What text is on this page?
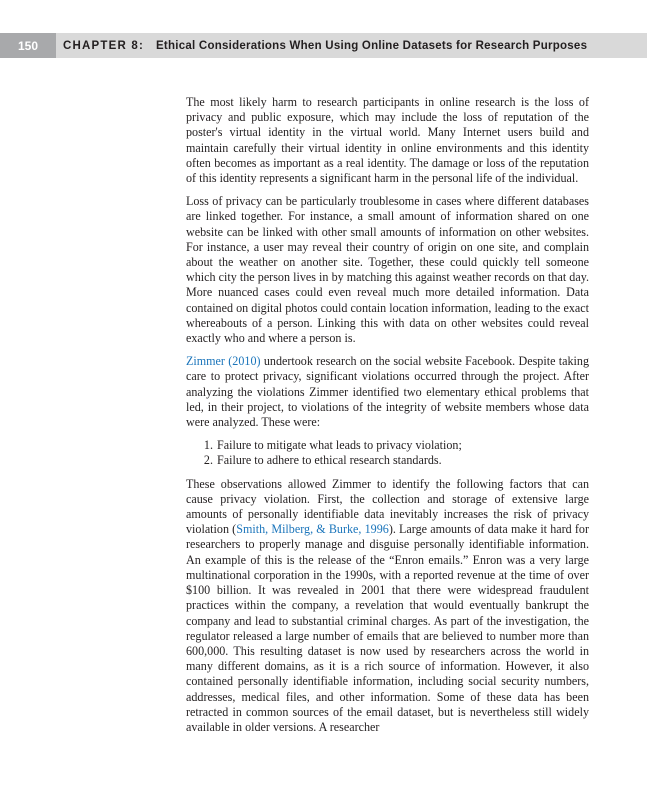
150	CHAPTER 8: Ethical Considerations When Using Online Datasets for Research Purposes

The most likely harm to research participants in online research is the loss of privacy and public exposure, which may include the loss of reputation of the poster's virtual identity in the virtual world. Many Internet users build and maintain carefully their virtual identity in online environments and this identity often becomes as important as a real identity. The damage or loss of the reputation of this identity represents a significant harm in the personal life of the individual.

Loss of privacy can be particularly troublesome in cases where different databases are linked together. For instance, a small amount of information shared on one website can be linked with other small amounts of information on other websites. For instance, a user may reveal their country of origin on one site, and complain about the weather on another site. Together, these could quickly tell someone which city the person lives in by matching this against weather records on that day. More nuanced cases could even reveal much more detailed information. Data contained on digital photos could contain location information, leading to the exact whereabouts of a person. Linking this with data on other websites could reveal exactly who and where a person is.

Zimmer (2010) undertook research on the social website Facebook. Despite taking care to protect privacy, significant violations occurred through the project. After analyzing the violations Zimmer identified two elementary ethical problems that led, in their project, to violations of the integrity of website members whose data were analyzed. These were:

1. Failure to mitigate what leads to privacy violation;
2. Failure to adhere to ethical research standards.

These observations allowed Zimmer to identify the following factors that can cause privacy violation. First, the collection and storage of extensive large amounts of personally identifiable data inevitably increases the risk of privacy violation (Smith, Milberg, & Burke, 1996). Large amounts of data make it hard for researchers to properly manage and disguise personally identifiable information. An example of this is the release of the “Enron emails.” Enron was a very large multinational corporation in the 1990s, with a reported revenue at the time of over $100 billion. It was revealed in 2001 that there were widespread fraudulent practices within the company, a revelation that would eventually bankrupt the company and lead to substantial criminal charges. As part of the investigation, the regulator released a large number of emails that are believed to number more than 600,000. This resulting dataset is now used by researchers across the world in many different domains, as it is a rich source of information. However, it also contained personally identifiable information, including social security numbers, addresses, medical files, and other information. Some of these data has been retracted in common sources of the email dataset, but is nevertheless still widely available in older versions. A researcher
